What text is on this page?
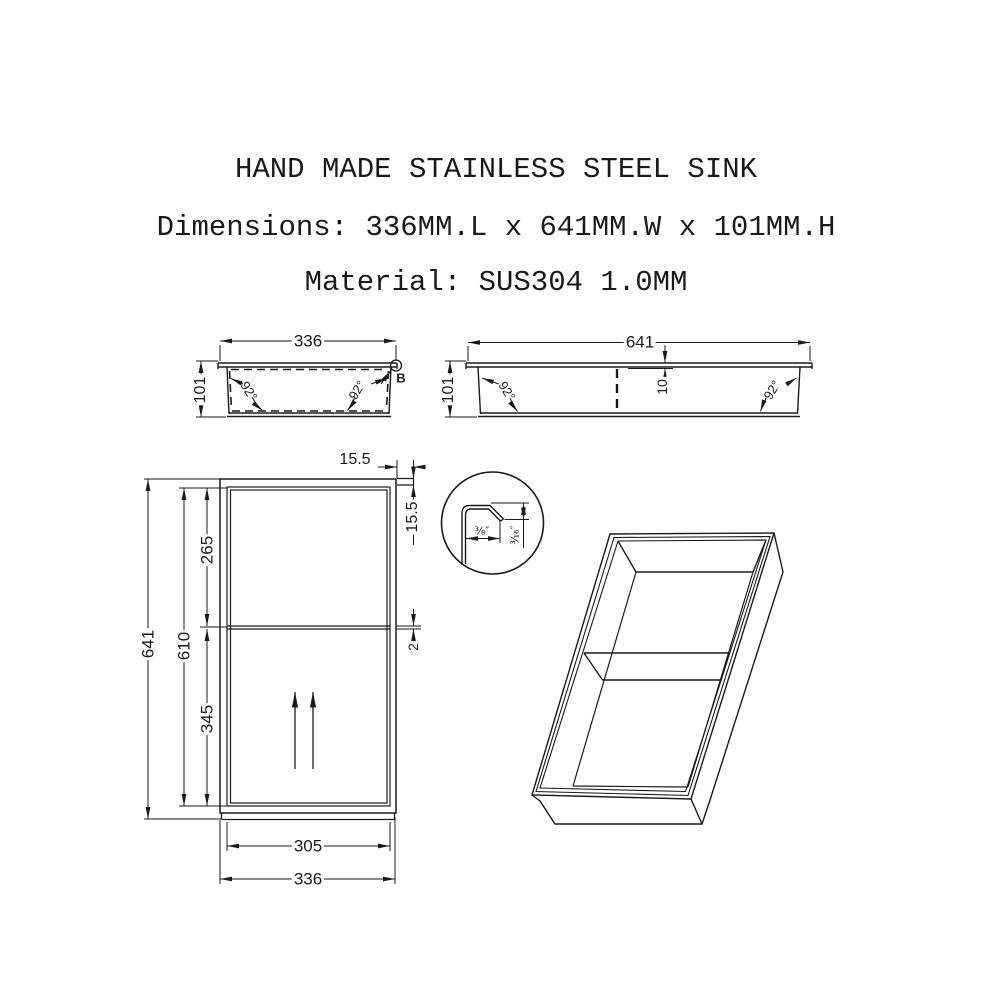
HAND MADE STAINLESS STEEL SINK
Dimensions: 336MM.L x 641MM.W x 101MM.H
Material: SUS304 1.0MM
336
101 92°	92° B
641
101	10
92°	92°
641 610
265
345
15.5
15.5
2
305
336
⅜″ ³⁄₁₆″
